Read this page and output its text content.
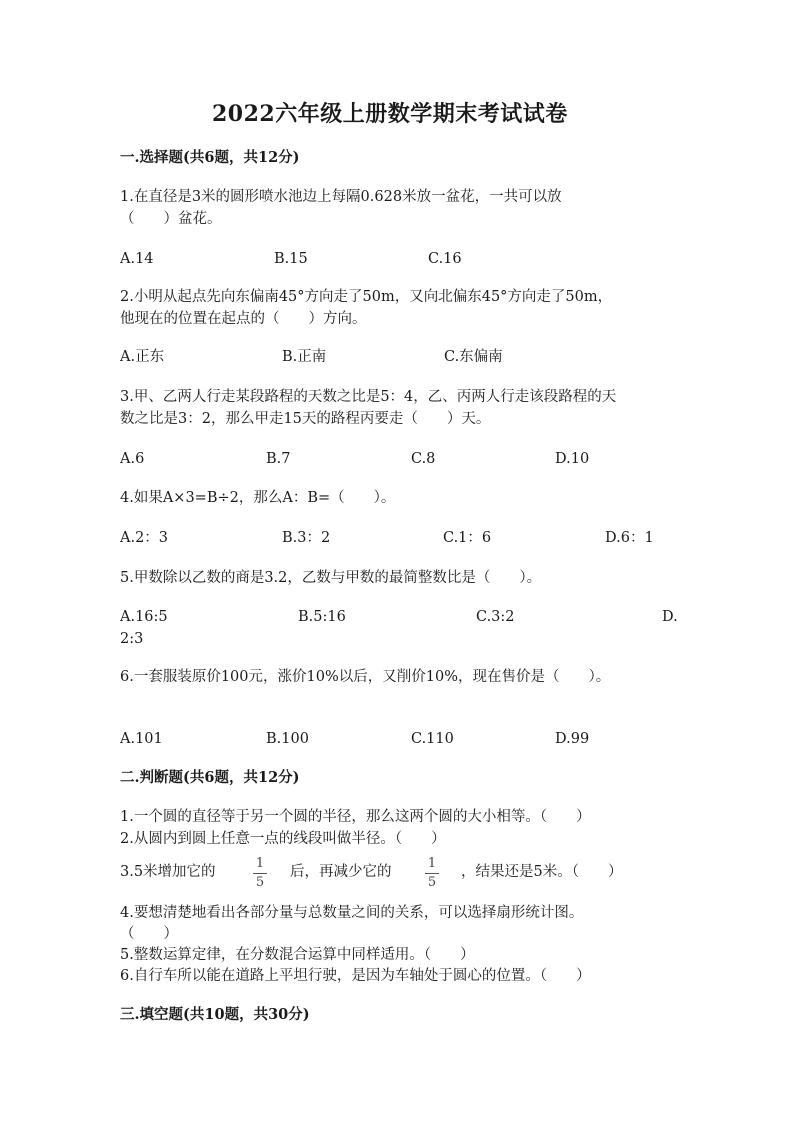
2022六年级上册数学期末考试试卷
一.选择题(共6题，共12分)
1.在直径是3米的圆形喷水池边上每隔0.628米放一盆花，一共可以放
（　　）盆花。
A.14	B.15	C.16
2.小明从起点先向东偏南45°方向走了50m，又向北偏东45°方向走了50m，
他现在的位置在起点的（　　）方向。
A.正东	B.正南	C.东偏南
3.甲、乙两人行走某段路程的天数之比是5：4，乙、丙两人行走该段路程的天
数之比是3：2，那么甲走15天的路程丙要走（　　）天。
A.6	B.7	C.8	D.10
4.如果A×3=B÷2，那么A：B=（　　）。
A.2：3	B.3：2	C.1：6	D.6：1
5.甲数除以乙数的商是3.2，乙数与甲数的最简整数比是（　　）。
A.16:5	B.5:16	C.3:2	D.
2:3
6.一套服装原价100元，涨价10%以后，又削价10%，现在售价是（　　）。
A.101	B.100	C.110	D.99
二.判断题(共6题，共12分)
1.一个圆的直径等于另一个圆的半径，那么这两个圆的大小相等。（　　）
2.从圆内到圆上任意一点的线段叫做半径。（　　）
3.5米增加它的
1
5
后，再减少它的
1
5
，结果还是5米。（　　）
4.要想清楚地看出各部分量与总数量之间的关系，可以选择扇形统计图。
（　　）
5.整数运算定律，在分数混合运算中同样适用。（　　）
6.自行车所以能在道路上平坦行驶，是因为车轴处于圆心的位置。（　　）
三.填空题(共10题，共30分)
